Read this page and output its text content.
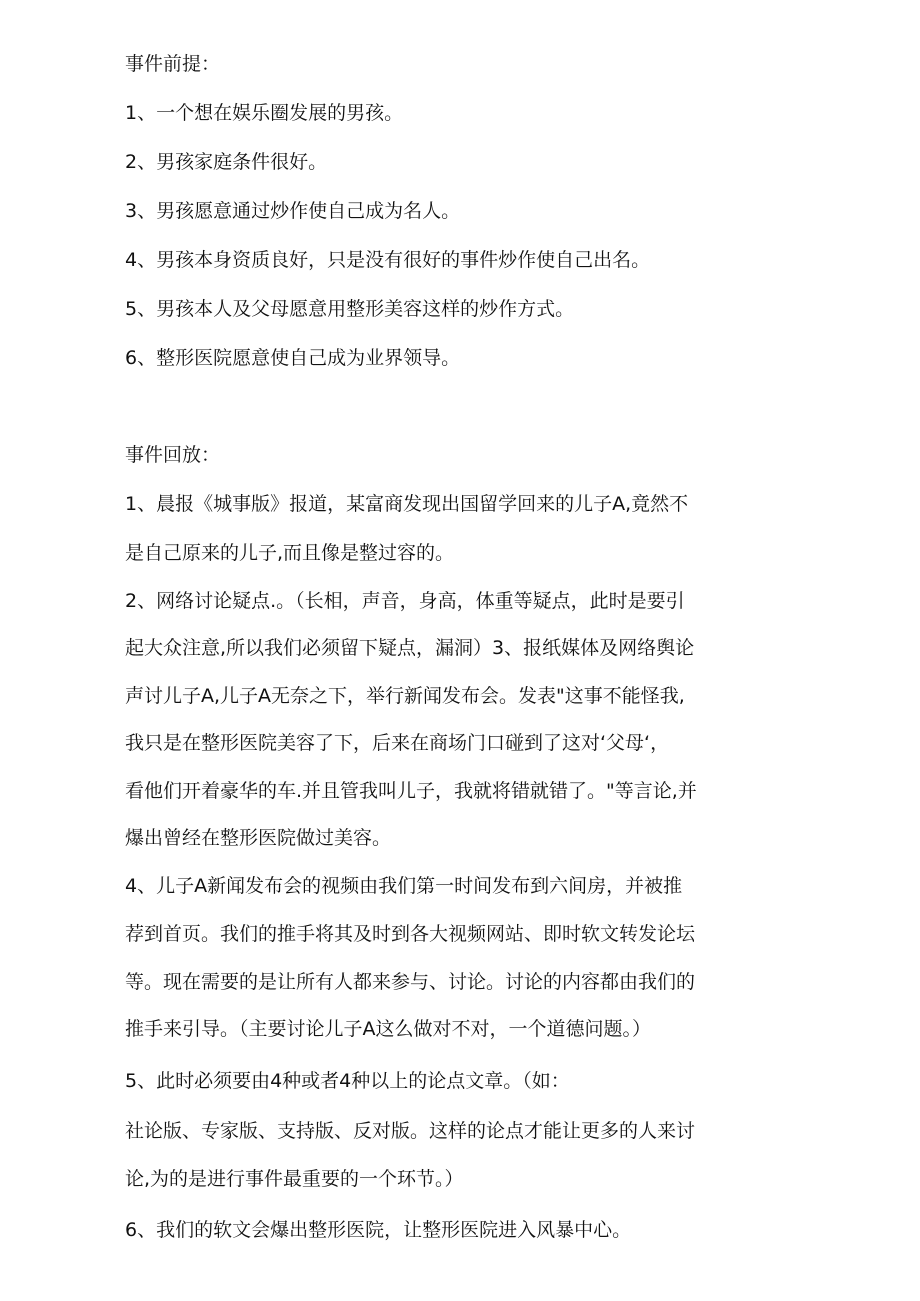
事件前提：

1、一个想在娱乐圈发展的男孩。

2、男孩家庭条件很好。

3、男孩愿意通过炒作使自己成为名人。

4、男孩本身资质良好，只是没有很好的事件炒作使自己出名。

5、男孩本人及父母愿意用整形美容这样的炒作方式。

6、整形医院愿意使自己成为业界领导。

事件回放：

1、晨报《城事版》报道，某富商发现出国留学回来的儿子A,竟然不

是自己原来的儿子,而且像是整过容的。

2、网络讨论疑点.。（长相，声音，身高，体重等疑点，此时是要引

起大众注意,所以我们必须留下疑点，漏洞）3、报纸媒体及网络舆论

声讨儿子A,儿子A无奈之下，举行新闻发布会。发表"这事不能怪我,

我只是在整形医院美容了下，后来在商场门口碰到了这对‘父母‘，

看他们开着豪华的车.并且管我叫儿子，我就将错就错了。"等言论,并

爆出曾经在整形医院做过美容。

4、儿子A新闻发布会的视频由我们第一时间发布到六间房，并被推

荐到首页。我们的推手将其及时到各大视频网站、即时软文转发论坛

等。现在需要的是让所有人都来参与、讨论。讨论的内容都由我们的

推手来引导。（主要讨论儿子A这么做对不对，一个道德问题。）

5、此时必须要由4种或者4种以上的论点文章。（如：

社论版、专家版、支持版、反对版。这样的论点才能让更多的人来讨

论,为的是进行事件最重要的一个环节。）

6、我们的软文会爆出整形医院，让整形医院进入风暴中心。
